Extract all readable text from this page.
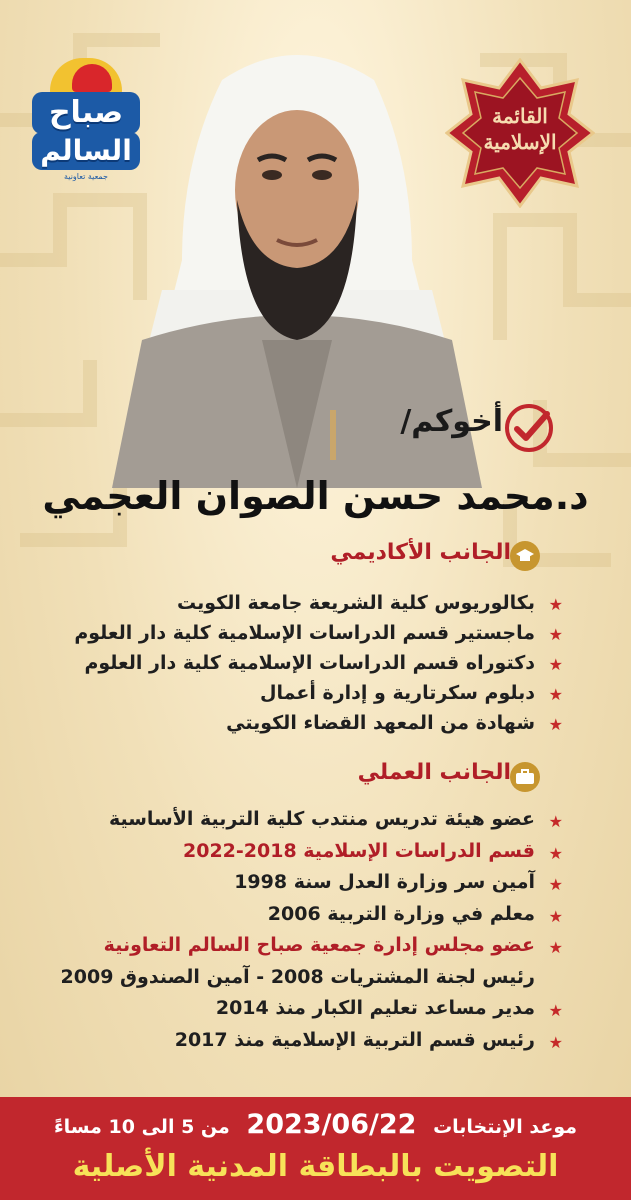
صباح
السالم
جمعية تعاونية
القائمة
الإسلامية
أخوكم/
د.محمد حسن الصوان العجمي
الجانب الأكاديمي
★
بكالوريوس كلية الشريعة جامعة الكويت
★
ماجستير قسم الدراسات الإسلامية كلية دار العلوم
★
دكتوراه قسم الدراسات الإسلامية كلية دار العلوم
★
دبلوم سكرتارية و إدارة أعمال
★
شهادة من المعهد القضاء الكويتي
الجانب العملي
★
عضو هيئة تدريس منتدب كلية التربية الأساسية
★
قسم الدراسات الإسلامية 2018-2022
★
آمين سر وزارة العدل سنة 1998
★
معلم في وزارة التربية 2006
★
عضو مجلس إدارة جمعية صباح السالم التعاونية
رئيس لجنة المشتريات 2008 - آمين الصندوق 2009
★
مدير مساعد تعليم الكبار منذ 2014
★
رئيس قسم التربية الإسلامية منذ 2017
موعد الإنتخابات 2023/06/22 من 5 الى 10 مساءً
التصويت بالبطاقة المدنية الأصلية
